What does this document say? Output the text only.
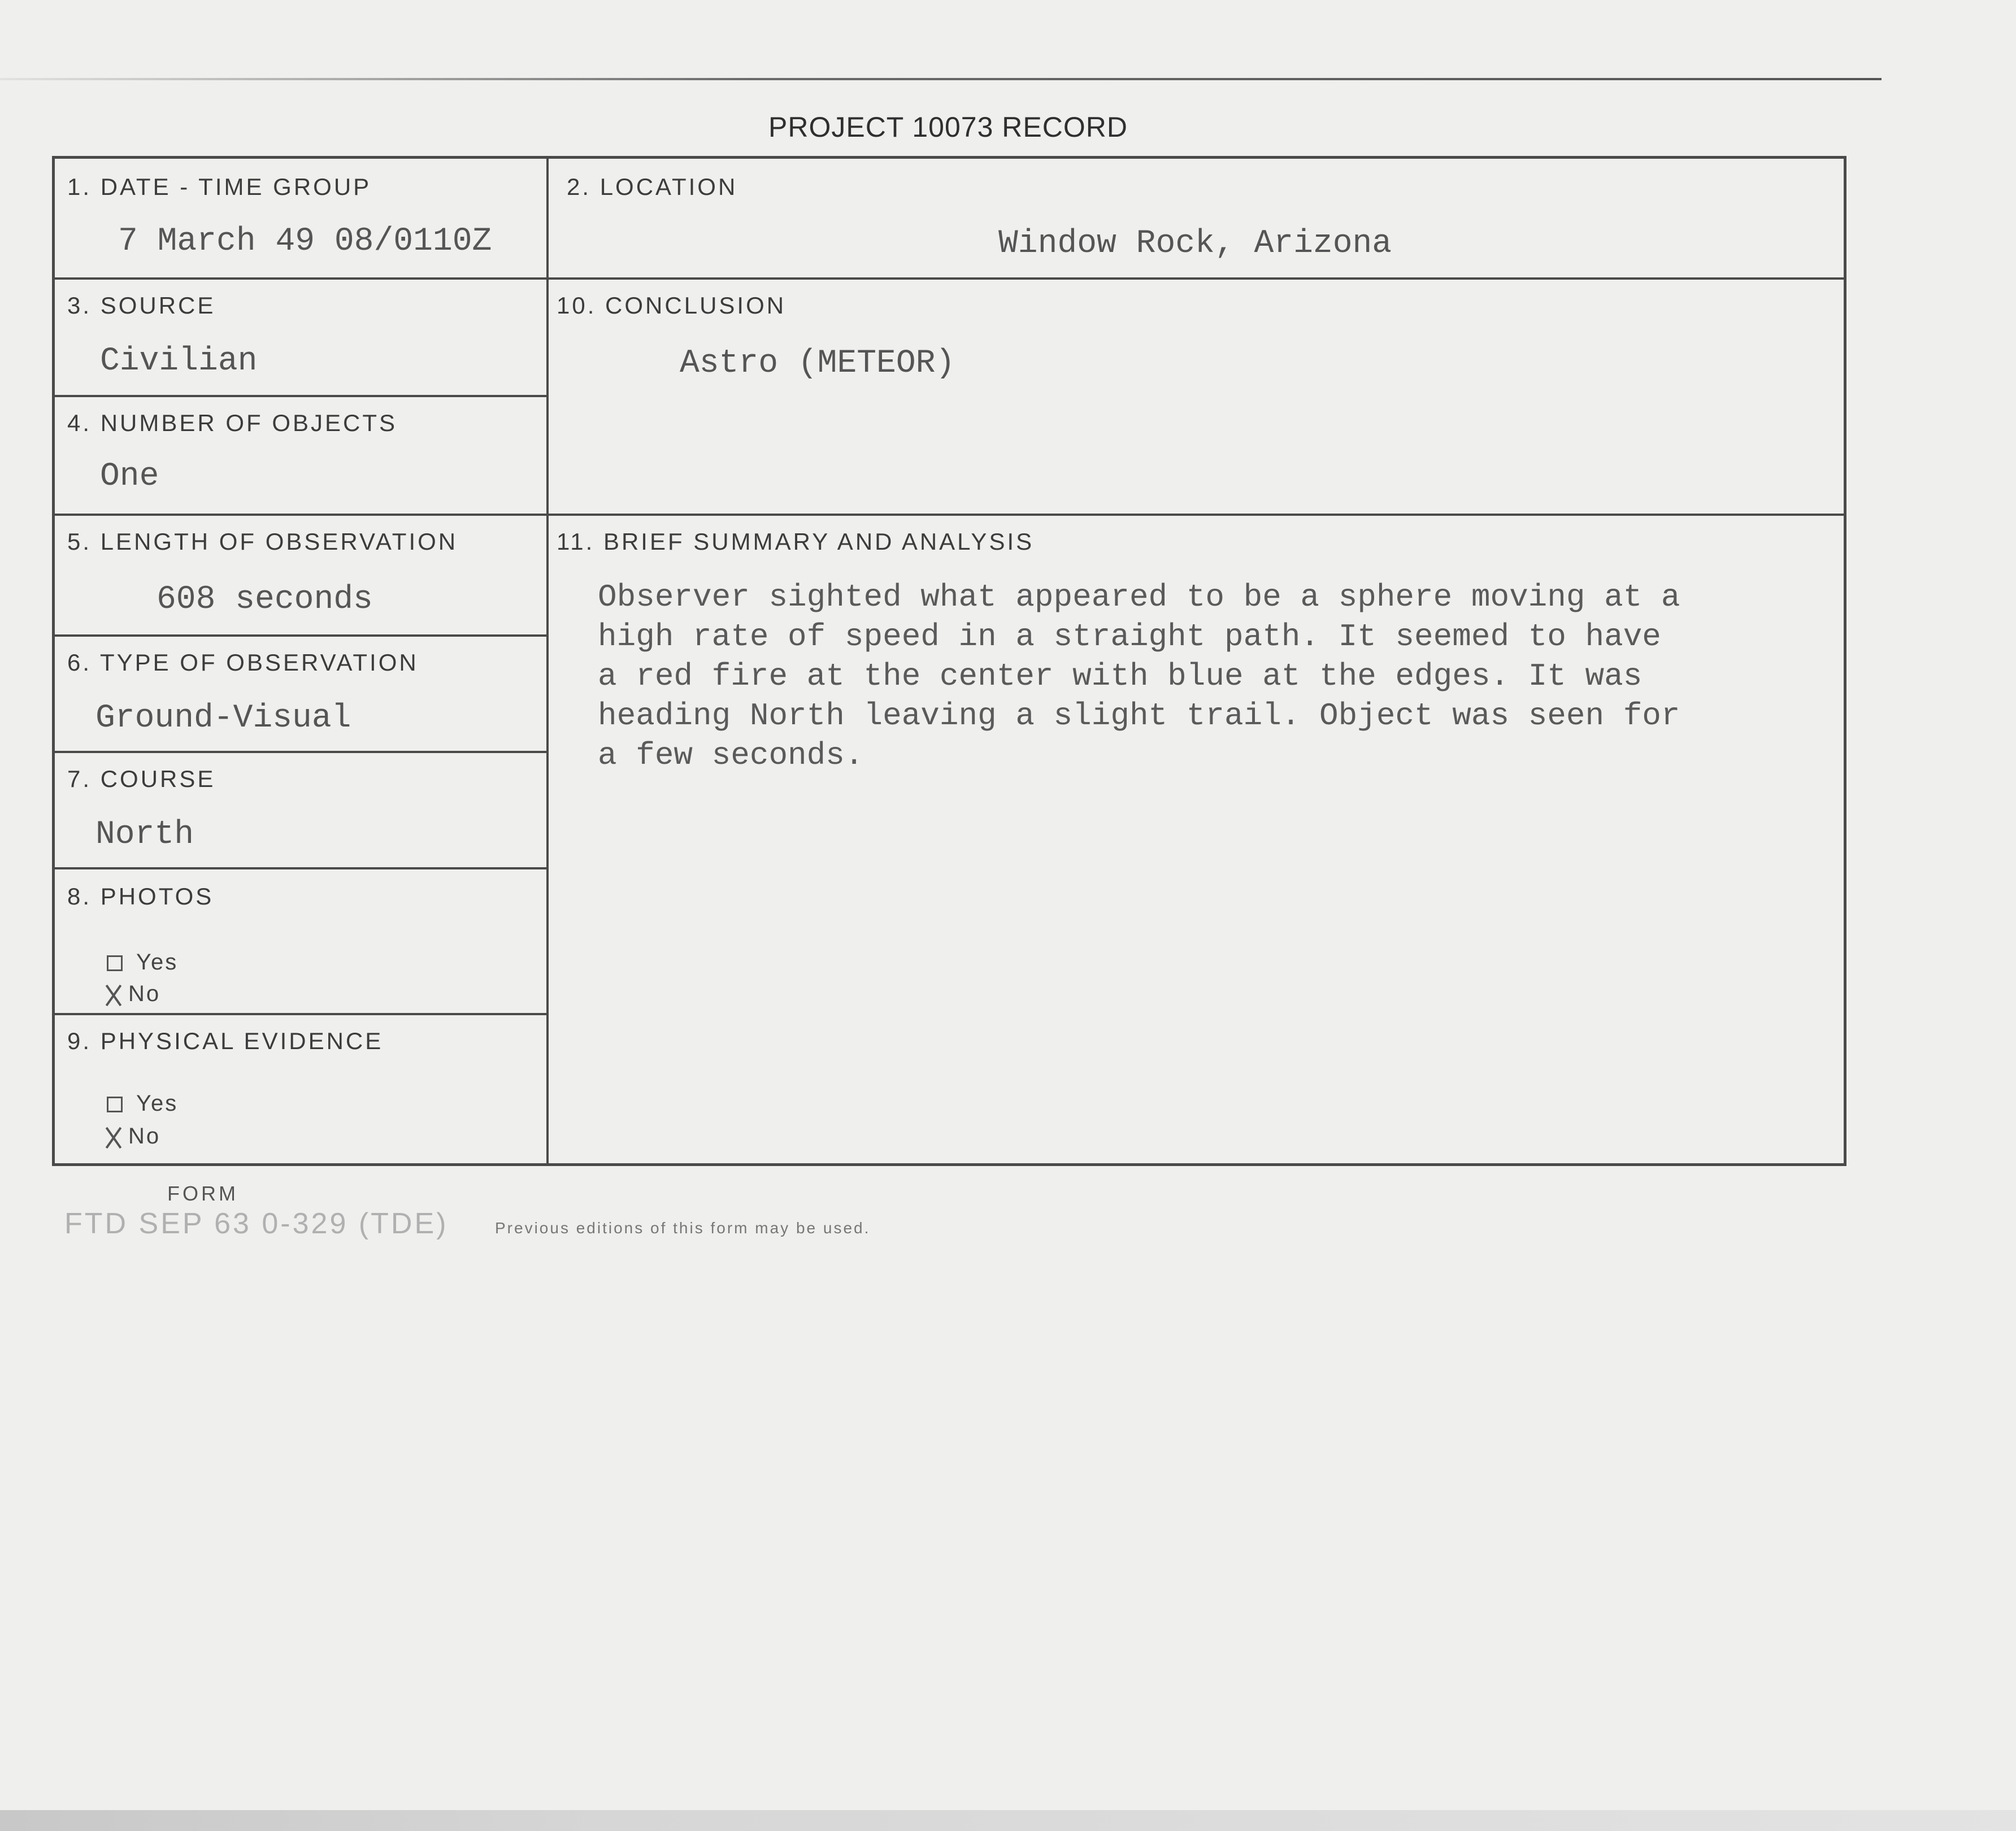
PROJECT 10073 RECORD
1. DATE - TIME GROUP
7 March 49 08/0110Z
2. LOCATION
Window Rock, Arizona
3. SOURCE
Civilian
10. CONCLUSION
Astro (METEOR)
4. NUMBER OF OBJECTS
One
5. LENGTH OF OBSERVATION
608 seconds
11. BRIEF SUMMARY AND ANALYSIS
6. TYPE OF OBSERVATION
Ground-Visual
7. COURSE
North
8. PHOTOS
Yes
No
9. PHYSICAL EVIDENCE
Yes
No
Observer sighted what appeared to be a sphere moving at a
high rate of speed in a straight path. It seemed to have
a red fire at the center with blue at the edges. It was
heading North leaving a slight trail. Object was seen for
a few seconds.
FORM
FTD SEP 63 0-329 (TDE)	Previous editions of this form may be used.
